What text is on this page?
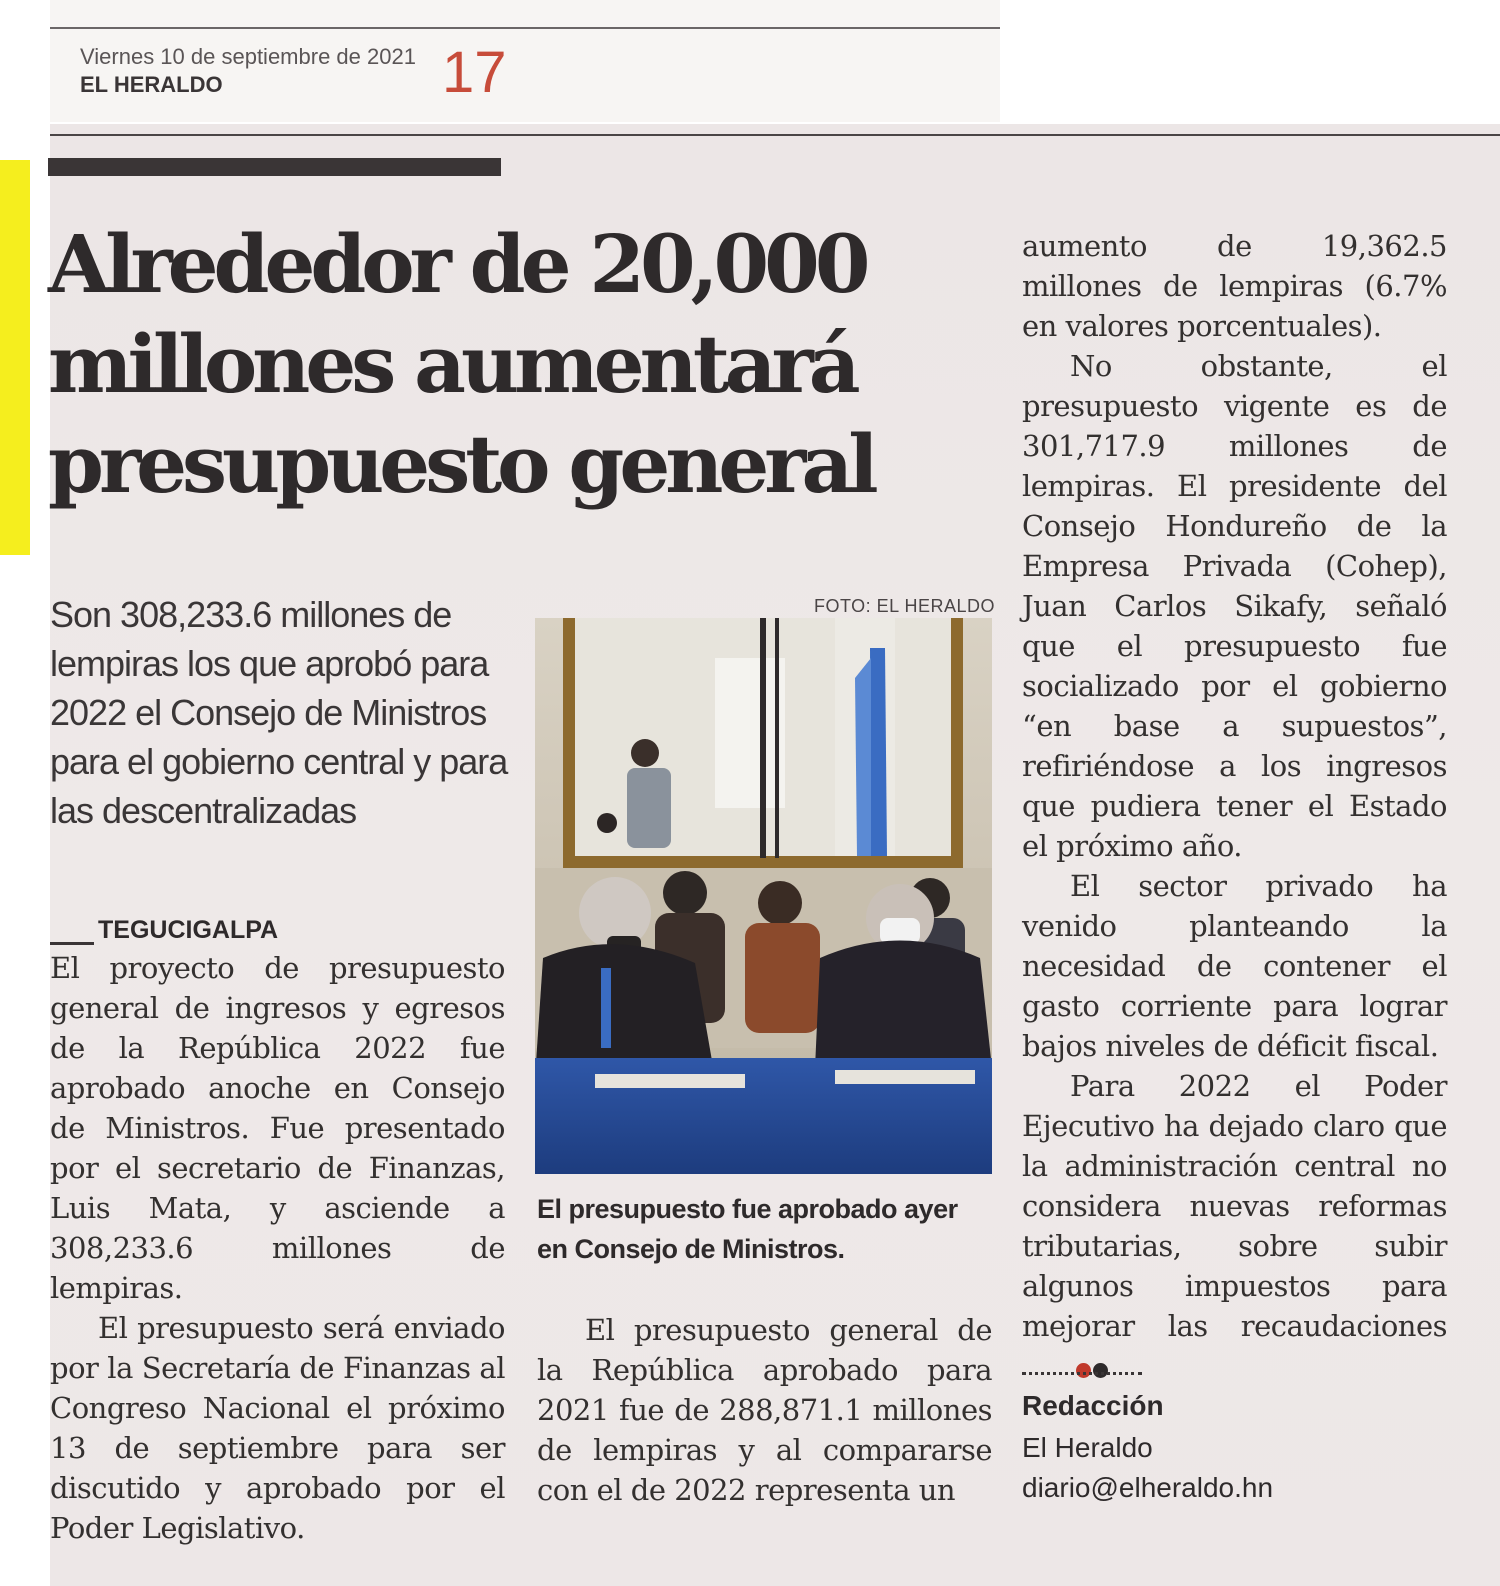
Viernes 10 de septiembre de 2021
EL HERALDO	17
Alrededor de 20,000
millones aumentará
presupuesto general

Son 308,233.6 millones de lempiras los que aprobó para 2022 el Consejo de Ministros para el gobierno central y para las descentralizadas

TEGUCIGALPA

El proyecto de presupuesto general de ingresos y egresos de la República 2022 fue aprobado anoche en Consejo de Ministros. Fue presentado por el secretario de Finanzas, Luis Mata, y asciende a 308,233.6 millones de lempiras.

El presupuesto será enviado por la Secretaría de Finanzas al Congreso Nacional el próximo 13 de septiembre para ser discutido y aprobado por el Poder Legislativo.

FOTO: EL HERALDO

El presupuesto fue aprobado ayer en Consejo de Ministros.

El presupuesto general de la República aprobado para 2021 fue de 288,871.1 millones de lempiras y al compararse con el de 2022 representa un

aumento de 19,362.5 millones de lempiras (6.7% en valores porcentuales).

No obstante, el presupuesto vigente es de 301,717.9 millones de lempiras. El presidente del Consejo Hondureño de la Empresa Privada (Cohep), Juan Carlos Sikafy, señaló que el presupuesto fue socializado por el gobierno “en base a supuestos”, refiriéndose a los ingresos que pudiera tener el Estado el próximo año.

El sector privado ha venido planteando la necesidad de contener el gasto corriente para lograr bajos niveles de déficit fiscal.

Para 2022 el Poder Ejecutivo ha dejado claro que la administración central no considera nuevas reformas tributarias, sobre subir algunos impuestos para mejorar las recaudaciones

Redacción
El Heraldo
diario@elheraldo.hn
